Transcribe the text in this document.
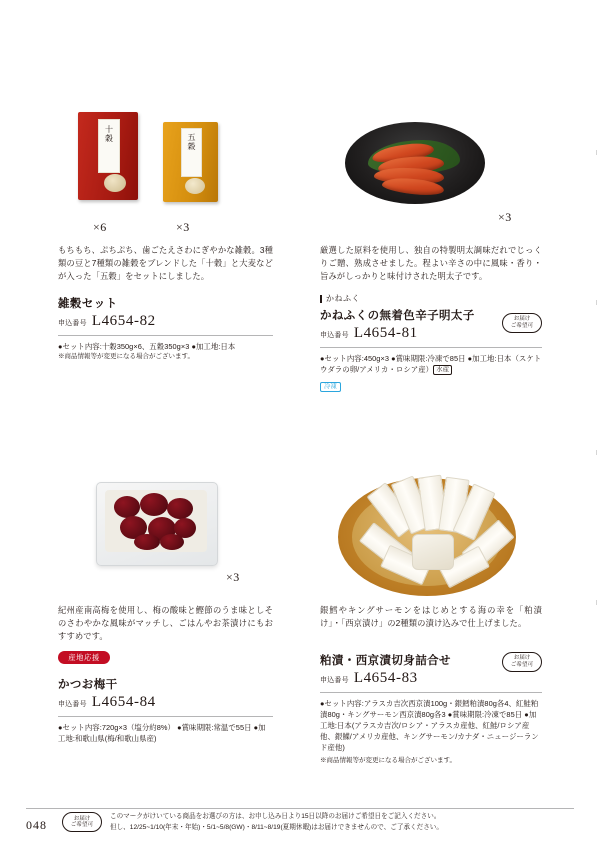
十穀	五穀
×6	×3
もちもち、ぷちぷち、歯ごたえさわにぎやかな雑穀。3種類の豆と7種類の雑穀をブレンドした「十穀」と大麦などが入った「五穀」をセットにしました。
雑穀セット
申込番号 L4654-82
●セット内容:十穀350g×6、五穀350g×3 ●加工地:日本
※商品情報等が変更になる場合がございます。
×3
厳選した原料を使用し、独自の特製明太調味だれでじっくりご贈、熟成させました。程よい辛さの中に風味・香り・旨みがしっかりと味付けされた明太子です。
かねふく
かねふくの無着色辛子明太子
申込番号 L4654-81
お届け
ご希望可
●セット内容:450g×3 ●賞味期限:冷凍で85日 ●加工地:日本（スケトウダラの卵/アメリカ・ロシア産） 水産
冷凍
×3
紀州産南高梅を使用し、梅の酸味と鰹節のうま味としそのさわやかな風味がマッチし、ごはんやお茶漬けにもおすすめです。
産地応援
かつお梅干
申込番号 L4654-84
●セット内容:720g×3（塩分約8%） ●賞味期限:常温で55日 ●加工地:和歌山県(梅/和歌山県産)
銀鱈やキングサーモンをはじめとする海の幸を「粕漬け」・「西京漬け」の2種類の漬け込みで仕上げました。
粕漬・西京漬切身詰合せ
申込番号 L4654-83
お届け
ご希望可
●セット内容:アラスカ吉次西京漬100g・銀鱈粕漬80g各4、紅鮭粕漬80g・キングサーモン西京漬80g各3 ●賞味期限:冷凍で85日 ●加工地:日本(アラスカ吉次/ロシア・アラスカ産他、紅鮭/ロシア産他、銀鰈/アメリカ産他、キングサーモン/カナダ・ニュージーランド産他)
※商品情報等が変更になる場合がございます。
048	お届け
ご希望可
このマークがけいている商品をお選びの方は、お申し込み日より15日以降のお届けご希望日をご記入ください。
但し、12/25~1/10(年末・年始)・5/1~5/8(GW)・8/11~8/19(夏期休暇)はお届けできませんので、ご了承ください。
|
|
|
|
